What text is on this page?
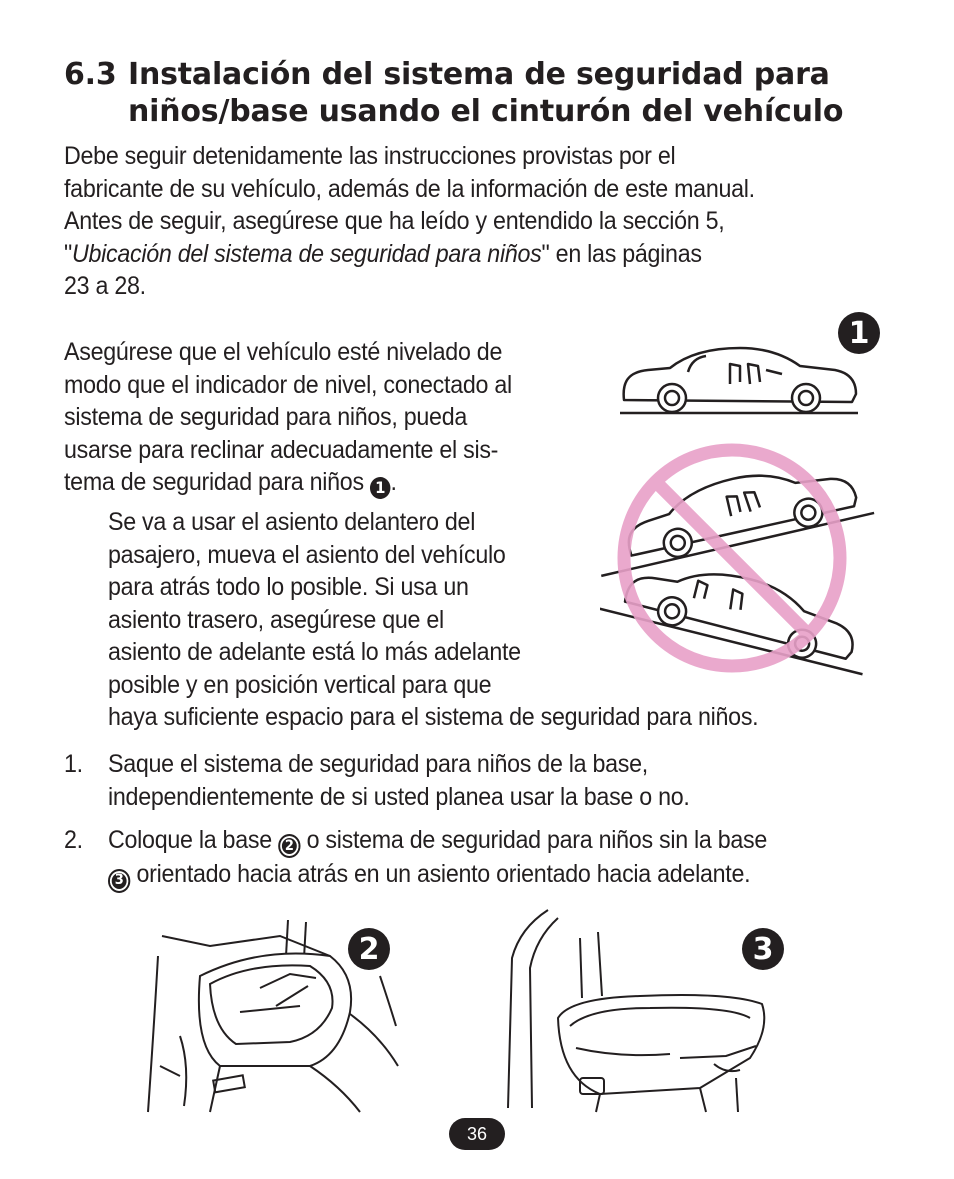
6.3 Instalación del sistema de seguridad para
niños/base usando el cinturón del vehículo
Debe seguir detenidamente las instrucciones provistas por el
fabricante de su vehículo, además de la información de este manual.
Antes de seguir, asegúrese que ha leído y entendido la sección 5,
"Ubicación del sistema de seguridad para niños" en las páginas
23 a 28.
Asegúrese que el vehículo esté nivelado de
modo que el indicador de nivel, conectado al
sistema de seguridad para niños, pueda
usarse para reclinar adecuadamente el sis-
tema de seguridad para niños 1 .
Se va a usar el asiento delantero del
pasajero, mueva el asiento del vehículo
para atrás todo lo posible. Si usa un
asiento trasero, asegúrese que el
asiento de adelante está lo más adelante
posible y en posición vertical para que
haya suficiente espacio para el sistema de seguridad para niños.
1. Saque el sistema de seguridad para niños de la base,
independientemente de si usted planea usar la base o no.
2. Coloque la base 2 o sistema de seguridad para niños sin la base
3 orientado hacia atrás en un asiento orientado hacia adelante.
1
2	3
36
